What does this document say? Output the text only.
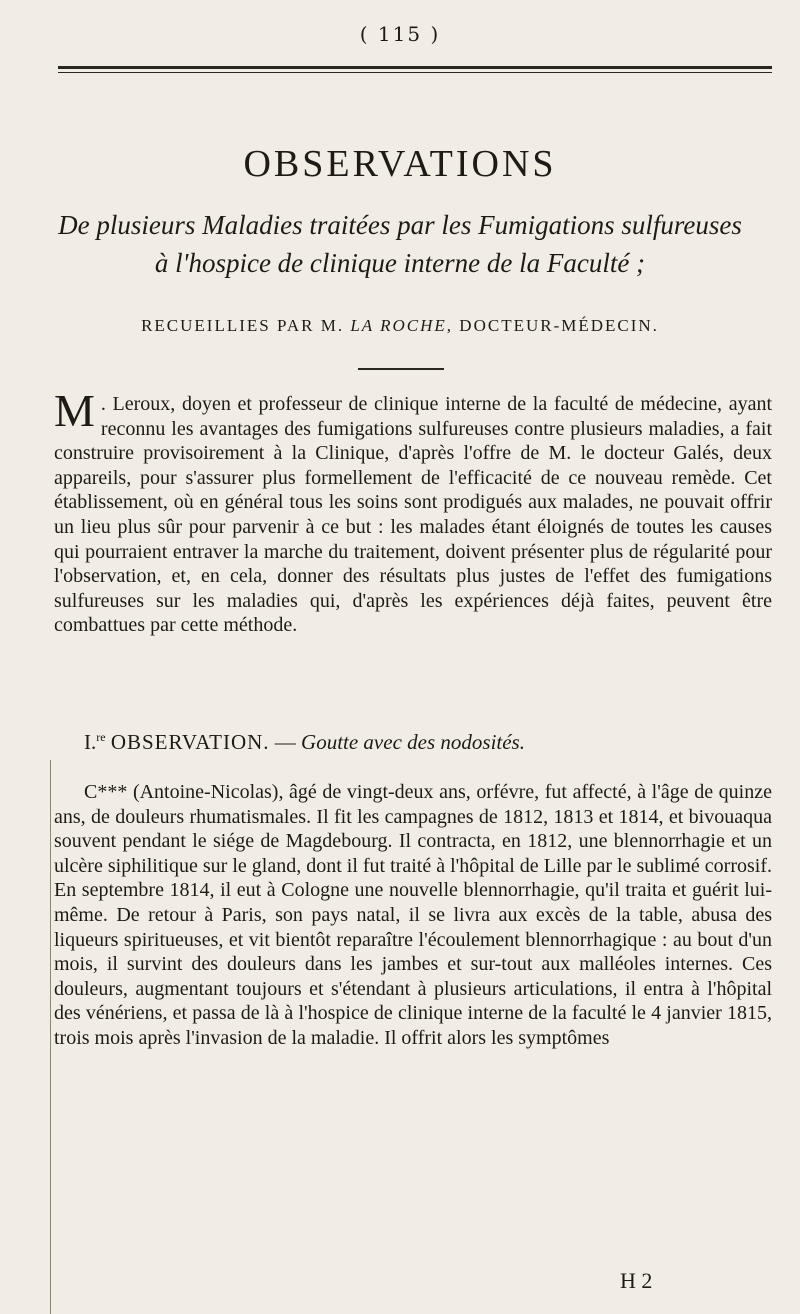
( 115 )
OBSERVATIONS
De plusieurs Maladies traitées par les Fumigations sulfureuses
à l'hospice de clinique interne de la Faculté ;
RECUEILLIES PAR M. LA ROCHE, DOCTEUR-MÉDECIN.
M . Leroux, doyen et professeur de clinique interne de la faculté de médecine, ayant reconnu les avantages des fumigations sulfureuses contre plusieurs maladies, a fait construire provisoirement à la Clinique, d'après l'offre de M. le docteur Galés, deux appareils, pour s'assurer plus formellement de l'efficacité de ce nouveau remède. Cet établissement, où en général tous les soins sont prodigués aux malades, ne pouvait offrir un lieu plus sûr pour parvenir à ce but : les malades étant éloignés de toutes les causes qui pourraient entraver la marche du traitement, doivent présenter plus de régularité pour l'observation, et, en cela, donner des résultats plus justes de l'effet des fumigations sulfureuses sur les maladies qui, d'après les expériences déjà faites, peuvent être combattues par cette méthode.
I.$^{re}$ OBSERVATION. — Goutte avec des nodosités.
C*** (Antoine-Nicolas), âgé de vingt-deux ans, orfévre, fut affecté, à l'âge de quinze ans, de douleurs rhumatismales. Il fit les campagnes de 1812, 1813 et 1814, et bivouaqua souvent pendant le siége de Magdebourg. Il contracta, en 1812, une blennorrhagie et un ulcère siphilitique sur le gland, dont il fut traité à l'hôpital de Lille par le sublimé corrosif. En septembre 1814, il eut à Cologne une nouvelle blennorrhagie, qu'il traita et guérit lui-même. De retour à Paris, son pays natal, il se livra aux excès de la table, abusa des liqueurs spiritueuses, et vit bientôt reparaître l'écoulement blennorrhagique : au bout d'un mois, il survint des douleurs dans les jambes et sur-tout aux malléoles internes. Ces douleurs, augmentant toujours et s'étendant à plusieurs articulations, il entra à l'hôpital des vénériens, et passa de là à l'hospice de clinique interne de la faculté le 4 janvier 1815, trois mois après l'invasion de la maladie. Il offrit alors les symptômes
H 2
